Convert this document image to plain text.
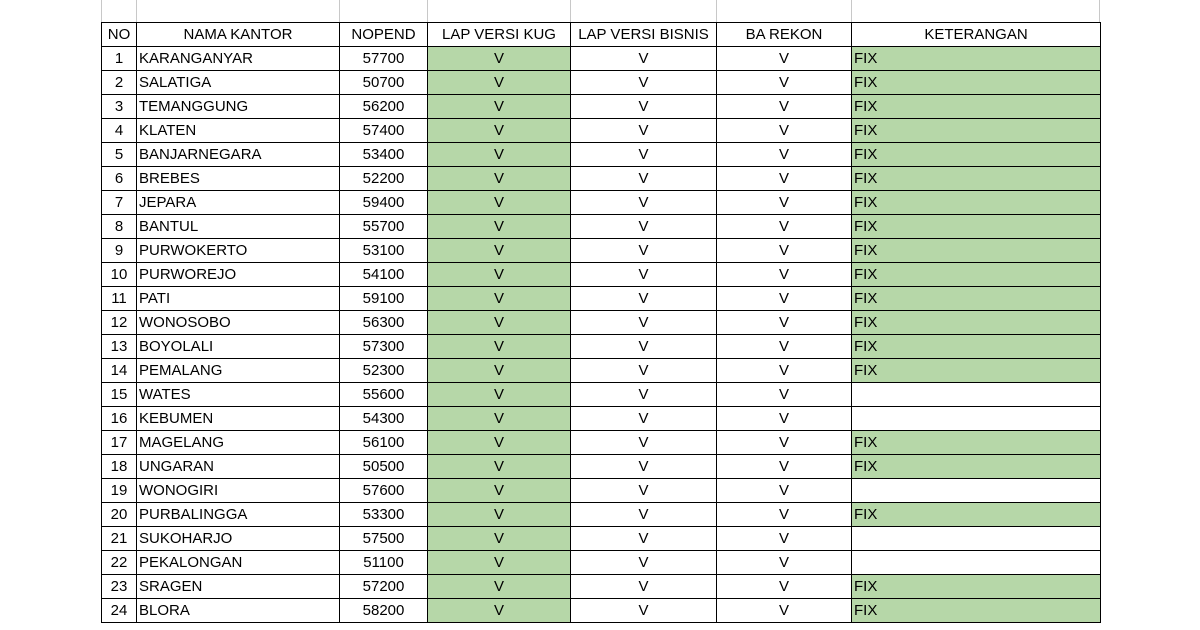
NO	NAMA KANTOR	NOPEND	LAP VERSI KUG	LAP VERSI BISNIS	BA REKON	KETERANGAN
1	KARANGANYAR	57700	V	V	V	FIX
2	SALATIGA	50700	V	V	V	FIX
3	TEMANGGUNG	56200	V	V	V	FIX
4	KLATEN	57400	V	V	V	FIX
5	BANJARNEGARA	53400	V	V	V	FIX
6	BREBES	52200	V	V	V	FIX
7	JEPARA	59400	V	V	V	FIX
8	BANTUL	55700	V	V	V	FIX
9	PURWOKERTO	53100	V	V	V	FIX
10	PURWOREJO	54100	V	V	V	FIX
11	PATI	59100	V	V	V	FIX
12	WONOSOBO	56300	V	V	V	FIX
13	BOYOLALI	57300	V	V	V	FIX
14	PEMALANG	52300	V	V	V	FIX
15	WATES	55600	V	V	V	
16	KEBUMEN	54300	V	V	V	
17	MAGELANG	56100	V	V	V	FIX
18	UNGARAN	50500	V	V	V	FIX
19	WONOGIRI	57600	V	V	V	
20	PURBALINGGA	53300	V	V	V	FIX
21	SUKOHARJO	57500	V	V	V	
22	PEKALONGAN	51100	V	V	V	
23	SRAGEN	57200	V	V	V	FIX
24	BLORA	58200	V	V	V	FIX
